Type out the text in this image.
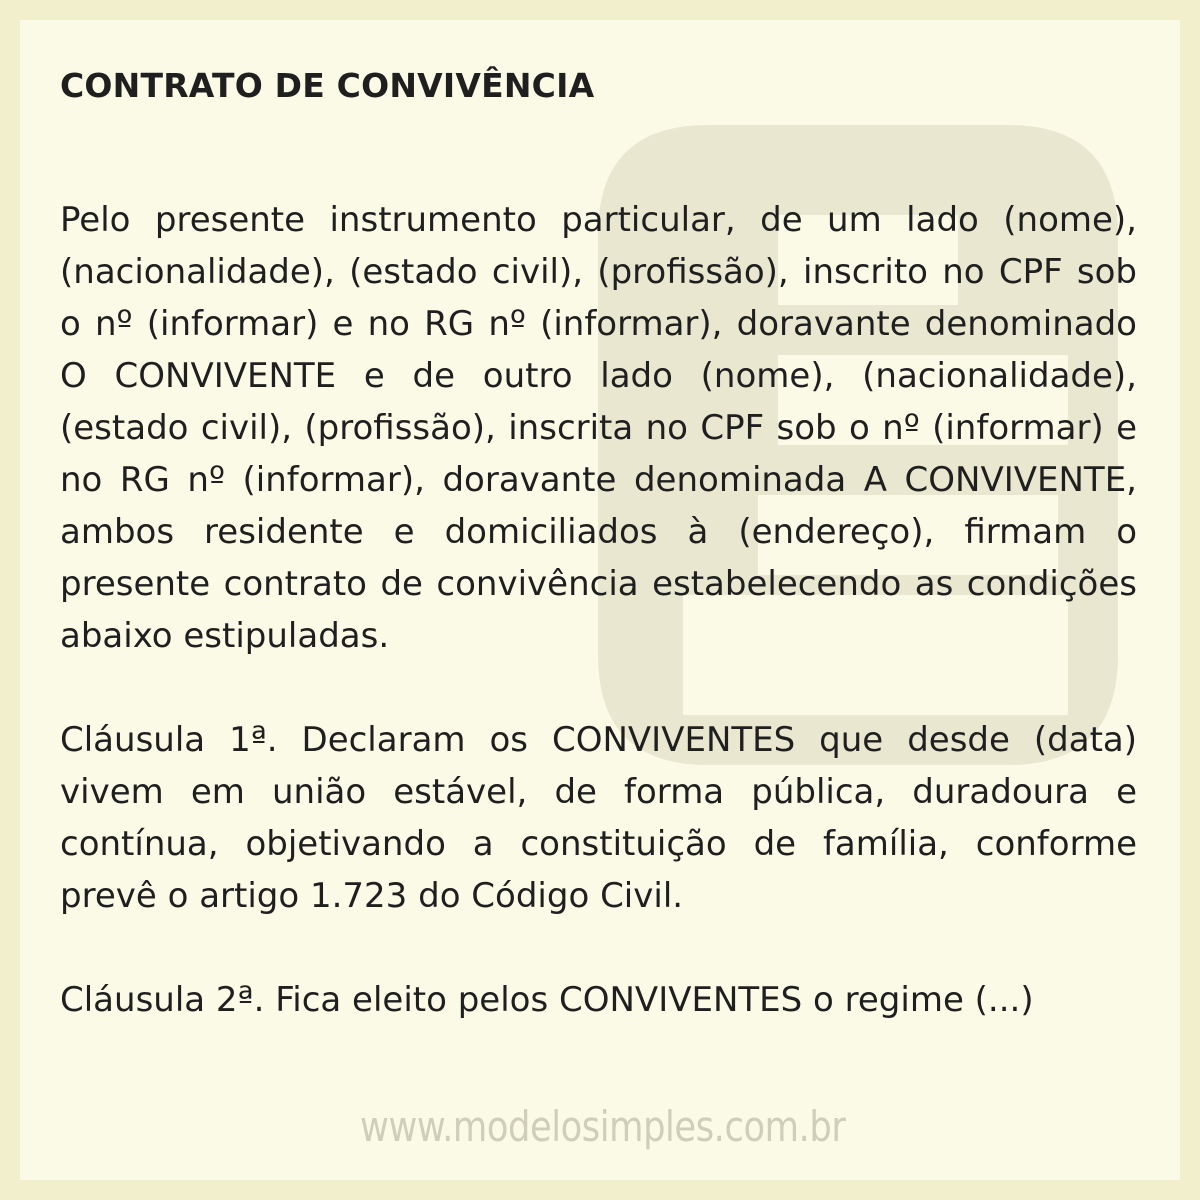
CONTRATO DE CONVIVÊNCIA

Pelo presente instrumento particular, de um lado (nome), (nacionalidade), (estado civil), (profissão), inscrito no CPF sob o nº (informar) e no RG nº (informar), doravante denominado O CONVIVENTE e de outro lado (nome), (nacionalidade), (estado civil), (profissão), inscrita no CPF sob o nº (informar) e no RG nº (informar), doravante denominada A CONVIVENTE, ambos residente e domiciliados à (endereço), firmam o presente contrato de convivência estabelecendo as condições abaixo estipuladas.

Cláusula 1ª. Declaram os CONVIVENTES que desde (data) vivem em união estável, de forma pública, duradoura e contínua, objetivando a constituição de família, conforme prevê o artigo 1.723 do Código Civil.

Cláusula 2ª. Fica eleito pelos CONVIVENTES o regime (...)

www.modelosimples.com.br
